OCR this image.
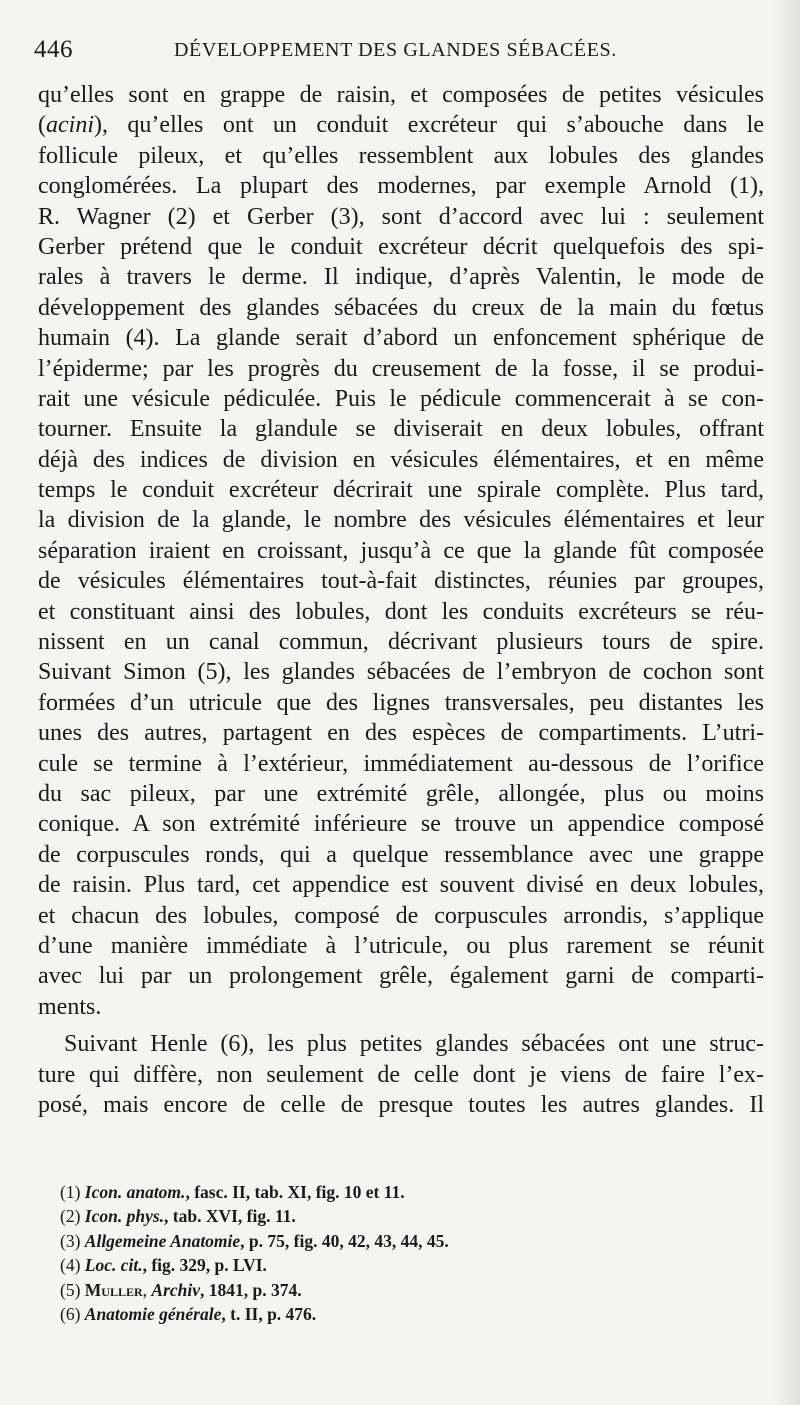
446	DÉVELOPPEMENT DES GLANDES SÉBACÉES.
qu’elles sont en grappe de raisin, et composées de petites vésicules
(acini), qu’elles ont un conduit excréteur qui s’abouche dans le
follicule pileux, et qu’elles ressemblent aux lobules des glandes
conglomérées. La plupart des modernes, par exemple Arnold (1),
R. Wagner (2) et Gerber (3), sont d’accord avec lui : seulement
Gerber prétend que le conduit excréteur décrit quelquefois des spi-
rales à travers le derme. Il indique, d’après Valentin, le mode de
développement des glandes sébacées du creux de la main du fœtus
humain (4). La glande serait d’abord un enfoncement sphérique de
l’épiderme; par les progrès du creusement de la fosse, il se produi-
rait une vésicule pédiculée. Puis le pédicule commencerait à se con-
tourner. Ensuite la glandule se diviserait en deux lobules, offrant
déjà des indices de division en vésicules élémentaires, et en même
temps le conduit excréteur décrirait une spirale complète. Plus tard,
la division de la glande, le nombre des vésicules élémentaires et leur
séparation iraient en croissant, jusqu’à ce que la glande fût composée
de vésicules élémentaires tout-à-fait distinctes, réunies par groupes,
et constituant ainsi des lobules, dont les conduits excréteurs se réu-
nissent en un canal commun, décrivant plusieurs tours de spire.
Suivant Simon (5), les glandes sébacées de l’embryon de cochon sont
formées d’un utricule que des lignes transversales, peu distantes les
unes des autres, partagent en des espèces de compartiments. L’utri-
cule se termine à l’extérieur, immédiatement au-dessous de l’orifice
du sac pileux, par une extrémité grêle, allongée, plus ou moins
conique. A son extrémité inférieure se trouve un appendice composé
de corpuscules ronds, qui a quelque ressemblance avec une grappe
de raisin. Plus tard, cet appendice est souvent divisé en deux lobules,
et chacun des lobules, composé de corpuscules arrondis, s’applique
d’une manière immédiate à l’utricule, ou plus rarement se réunit
avec lui par un prolongement grêle, également garni de comparti-
ments.
Suivant Henle (6), les plus petites glandes sébacées ont une struc-
ture qui diffère, non seulement de celle dont je viens de faire l’ex-
posé, mais encore de celle de presque toutes les autres glandes. Il
(1) Icon. anatom., fasc. II, tab. XI, fig. 10 et 11.
(2) Icon. phys., tab. XVI, fig. 11.
(3) Allgemeine Anatomie, p. 75, fig. 40, 42, 43, 44, 45.
(4) Loc. cit., fig. 329, p. LVI.
(5) Muller, Archiv, 1841, p. 374.
(6) Anatomie générale, t. II, p. 476.
